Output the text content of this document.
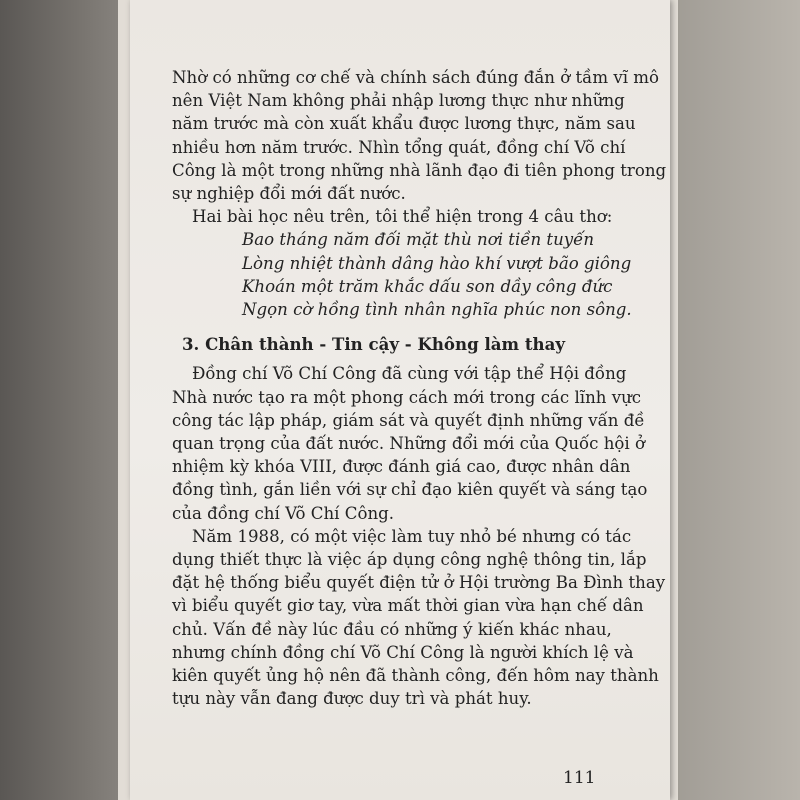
Nhờ có những cơ chế và chính sách đúng đắn ở tầm vĩ mô
nên Việt Nam không phải nhập lương thực như những
năm trước mà còn xuất khẩu được lương thực, năm sau
nhiều hơn năm trước. Nhìn tổng quát, đồng chí Võ chí
Công là một trong những nhà lãnh đạo đi tiên phong trong
sự nghiệp đổi mới đất nước.
Hai bài học nêu trên, tôi thể hiện trong 4 câu thơ:
Bao tháng năm đối mặt thù nơi tiền tuyến
Lòng nhiệt thành dâng hào khí vượt bão giông
Khoán một trăm khắc dấu son dầy công đức
Ngọn cờ hồng tình nhân nghĩa phúc non sông.
3. Chân thành - Tin cậy - Không làm thay
Đồng chí Võ Chí Công đã cùng với tập thể Hội đồng
Nhà nước tạo ra một phong cách mới trong các lĩnh vực
công tác lập pháp, giám sát và quyết định những vấn đề
quan trọng của đất nước. Những đổi mới của Quốc hội ở
nhiệm kỳ khóa VIII, được đánh giá cao, được nhân dân
đồng tình, gắn liền với sự chỉ đạo kiên quyết và sáng tạo
của đồng chí Võ Chí Công.
Năm 1988, có một việc làm tuy nhỏ bé nhưng có tác
dụng thiết thực là việc áp dụng công nghệ thông tin, lắp
đặt hệ thống biểu quyết điện tử ở Hội trường Ba Đình thay
vì biểu quyết giơ tay, vừa mất thời gian vừa hạn chế dân
chủ. Vấn đề này lúc đầu có những ý kiến khác nhau,
nhưng chính đồng chí Võ Chí Công là người khích lệ và
kiên quyết ủng hộ nên đã thành công, đến hôm nay thành
tựu này vẫn đang được duy trì và phát huy.
111
